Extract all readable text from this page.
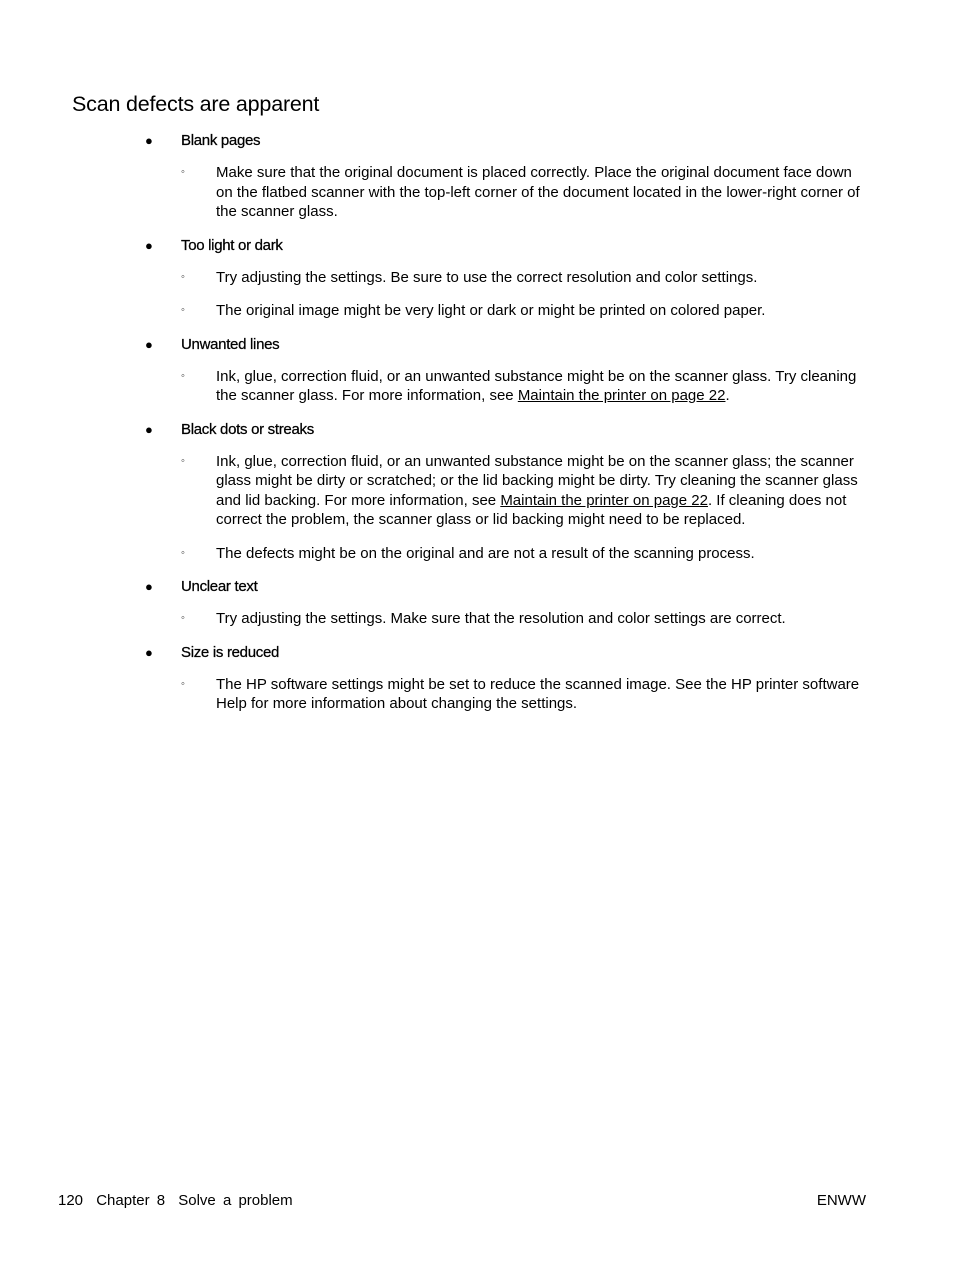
Scan defects are apparent
● Blank pages
◦ Make sure that the original document is placed correctly. Place the original document face down on the flatbed scanner with the top-left corner of the document located in the lower-right corner of the scanner glass.

● Too light or dark
◦ Try adjusting the settings. Be sure to use the correct resolution and color settings.

◦ The original image might be very light or dark or might be printed on colored paper.

● Unwanted lines
◦ Ink, glue, correction fluid, or an unwanted substance might be on the scanner glass. Try cleaning the scanner glass. For more information, see Maintain the printer on page 22.

● Black dots or streaks
◦ Ink, glue, correction fluid, or an unwanted substance might be on the scanner glass; the scanner glass might be dirty or scratched; or the lid backing might be dirty. Try cleaning the scanner glass and lid backing. For more information, see Maintain the printer on page 22. If cleaning does not correct the problem, the scanner glass or lid backing might need to be replaced.

◦ The defects might be on the original and are not a result of the scanning process.

● Unclear text
◦ Try adjusting the settings. Make sure that the resolution and color settings are correct.

● Size is reduced
◦ The HP software settings might be set to reduce the scanned image. See the HP printer software Help for more information about changing the settings.

120 Chapter 8 Solve a problem	ENWW
